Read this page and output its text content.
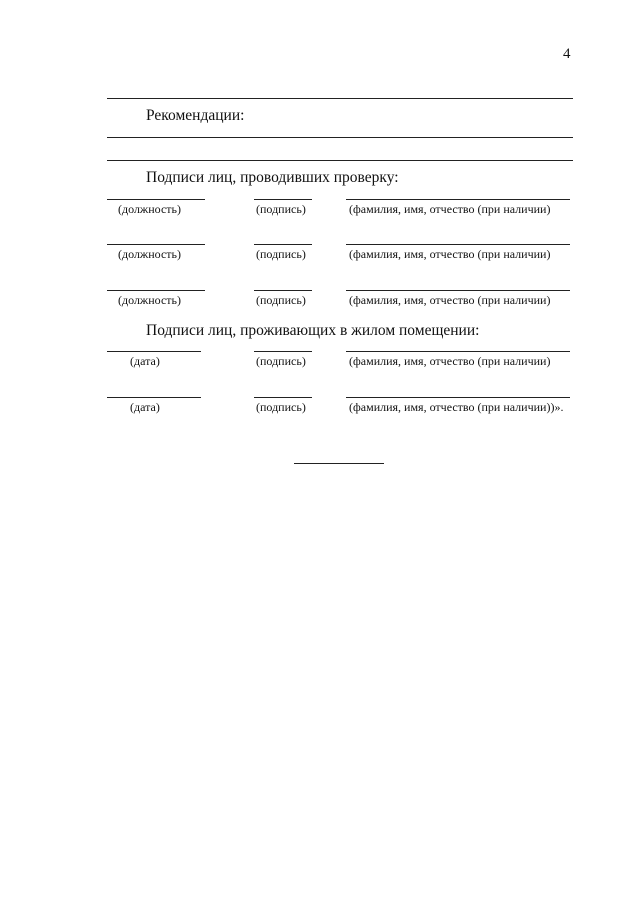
4
Рекомендации:
Подписи лиц, проводивших проверку:
(должность)	(подпись)	(фамилия, имя, отчество (при наличии)
(должность)	(подпись)	(фамилия, имя, отчество (при наличии)
(должность)	(подпись)	(фамилия, имя, отчество (при наличии)
Подписи лиц, проживающих в жилом помещении:
(дата)	(подпись)	(фамилия, имя, отчество (при наличии)
(дата)	(подпись)	(фамилия, имя, отчество (при наличии))».
